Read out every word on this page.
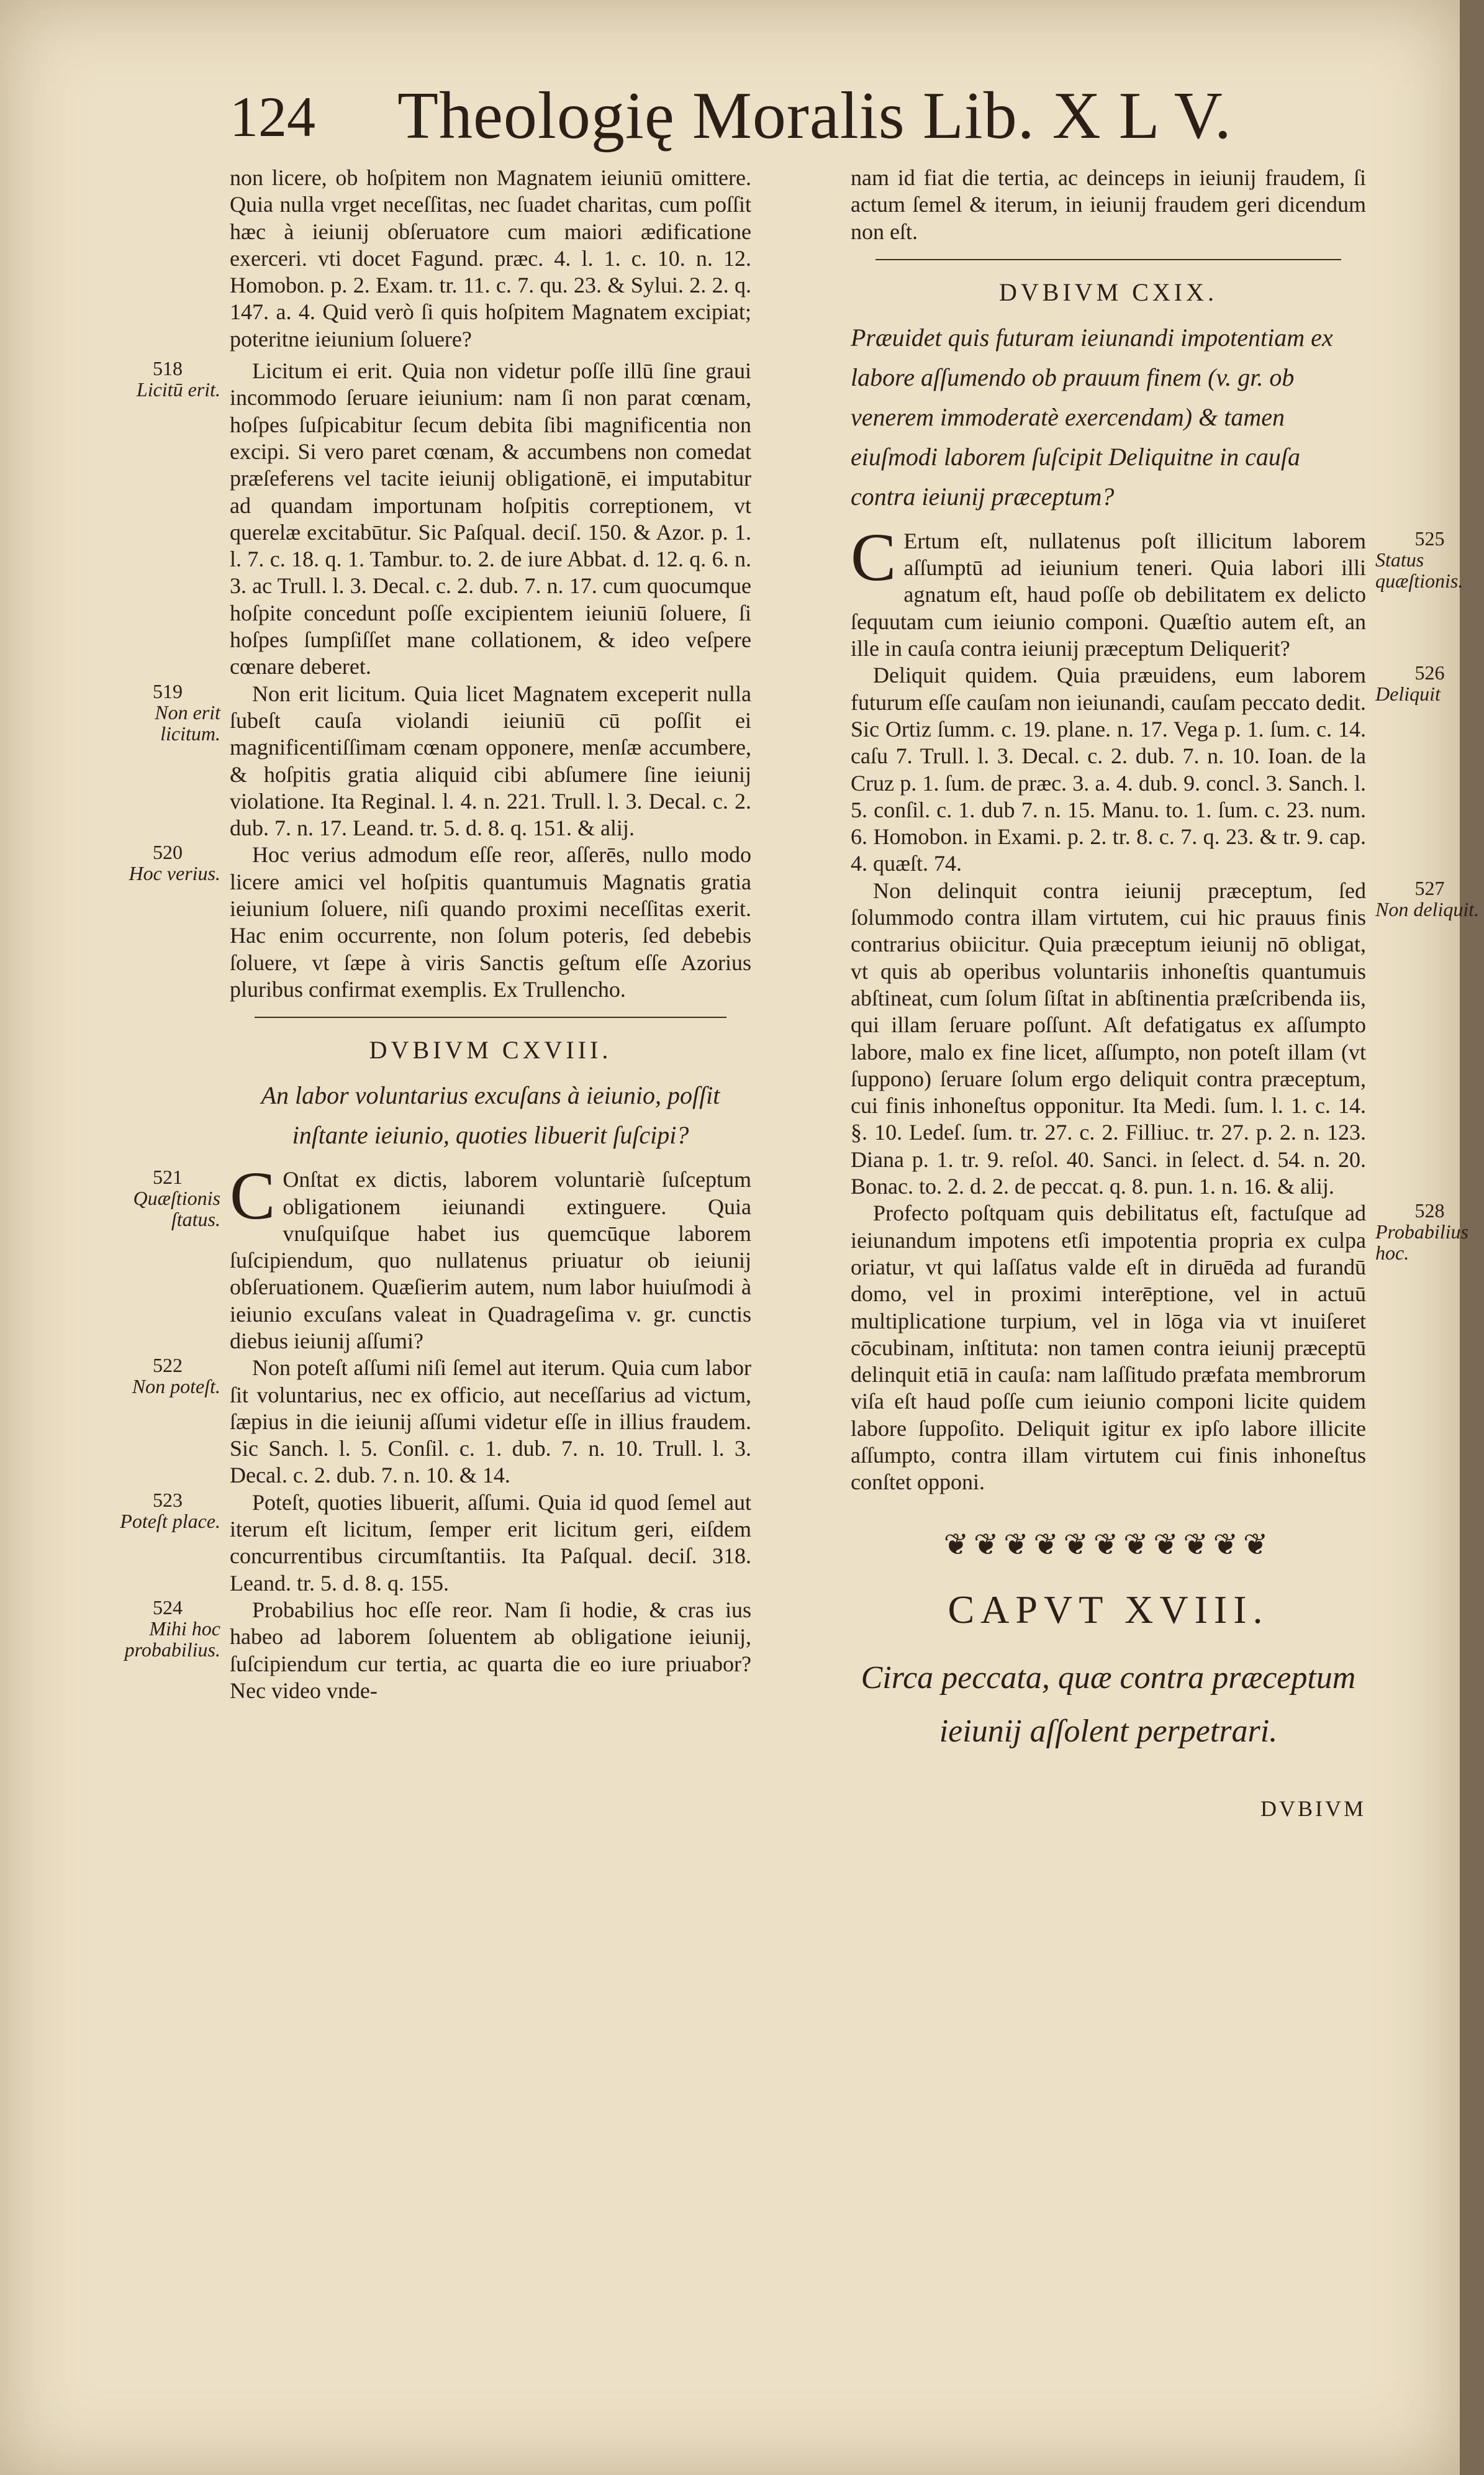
124 Theologię Moralis Lib. X L V.

non licere, ob hoſpitem non Magnatem ieiuniū omittere. Quia nulla vrget neceſſitas, nec ſuadet charitas, cum poſſit hæc à ieiunij obſeruatore cum maiori ædificatione exerceri. vti docet Fagund. præc. 4. l. 1. c. 10. n. 12. Homobon. p. 2. Exam. tr. 11. c. 7. qu. 23. & Sylui. 2. 2. q. 147. a. 4. Quid verò ſi quis hoſpitem Magnatem excipiat; poteritne ieiunium ſoluere?

518
Licitū erit.

Licitum ei erit. Quia non videtur poſſe illū ſine graui incommodo ſeruare ieiunium: nam ſi non parat cœnam, hoſpes ſuſpicabitur ſecum debita ſibi magnificentia non excipi. Si vero paret cœnam, & accumbens non comedat præſeferens vel tacite ieiunij obligationē, ei imputabitur ad quandam importunam hoſpitis correptionem, vt querelæ excitabūtur. Sic Paſqual. deciſ. 150. & Azor. p. 1. l. 7. c. 18. q. 1. Tambur. to. 2. de iure Abbat. d. 12. q. 6. n. 3. ac Trull. l. 3. Decal. c. 2. dub. 7. n. 17. cum quocumque hoſpite concedunt poſſe excipientem ieiuniū ſoluere, ſi hoſpes ſumpſiſſet mane collationem, & ideo veſpere cœnare deberet.

519
Non erit licitum.

Non erit licitum. Quia licet Magnatem exceperit nulla ſubeſt cauſa violandi ieiuniū cū poſſit ei magnificentiſſimam cœnam opponere, menſæ accumbere, & hoſpitis gratia aliquid cibi abſumere ſine ieiunij violatione. Ita Reginal. l. 4. n. 221. Trull. l. 3. Decal. c. 2. dub. 7. n. 17. Leand. tr. 5. d. 8. q. 151. & alij.

520
Hoc verius.

Hoc verius admodum eſſe reor, aſſerēs, nullo modo licere amici vel hoſpitis quantumuis Magnatis gratia ieiunium ſoluere, niſi quando proximi neceſſitas exerit. Hac enim occurrente, non ſolum poteris, ſed debebis ſoluere, vt ſæpe à viris Sanctis geſtum eſſe Azorius pluribus confirmat exemplis. Ex Trullencho.

DVBIVM CXVIII.
An labor voluntarius excuſans à ieiunio, poſſit inſtante ieiunio, quoties libuerit ſuſcipi?
521
Quæſtionis ſtatus. C Onſtat ex dictis, laborem voluntariè ſuſceptum obligationem ieiunandi extinguere. Quia vnuſquiſque habet ius quemcūque laborem ſuſcipiendum, quo nullatenus priuatur ob ieiunij obſeruationem. Quæſierim autem, num labor huiuſmodi à ieiunio excuſans valeat in Quadrageſima v. gr. cunctis diebus ieiunij aſſumi?

522
Non poteſt.

Non poteſt aſſumi niſi ſemel aut iterum. Quia cum labor ſit voluntarius, nec ex officio, aut neceſſarius ad victum, ſæpius in die ieiunij aſſumi videtur eſſe in illius fraudem. Sic Sanch. l. 5. Conſil. c. 1. dub. 7. n. 10. Trull. l. 3. Decal. c. 2. dub. 7. n. 10. & 14.

523
Poteſt place.

Poteſt, quoties libuerit, aſſumi. Quia id quod ſemel aut iterum eſt licitum, ſemper erit licitum geri, eiſdem concurrentibus circumſtantiis. Ita Paſqual. deciſ. 318. Leand. tr. 5. d. 8. q. 155.

524
Mihi hoc probabilius.

Probabilius hoc eſſe reor. Nam ſi hodie, & cras ius habeo ad laborem ſoluentem ab obligatione ieiunij, ſuſcipiendum cur tertia, ac quarta die eo iure priuabor? Nec video vnde-

nam id fiat die tertia, ac deinceps in ieiunij fraudem, ſi actum ſemel & iterum, in ieiunij fraudem geri dicendum non eſt.

DVBIVM CXIX.
Præuidet quis futuram ieiunandi impotentiam ex labore aſſumendo ob prauum finem (v. gr. ob venerem immoderatè exercendam) & tamen eiuſmodi laborem ſuſcipit Deliquitne in cauſa contra ieiunij præceptum?
525
Status quæſtionis.

C Ertum eſt, nullatenus poſt illicitum laborem aſſumptū ad ieiunium teneri. Quia labori illi agnatum eſt, haud poſſe ob debilitatem ex delicto ſequutam cum ieiunio componi. Quæſtio autem eſt, an ille in cauſa contra ieiunij præceptum Deliquerit?

526
Deliquit

Deliquit quidem. Quia præuidens, eum laborem futurum eſſe cauſam non ieiunandi, cauſam peccato dedit. Sic Ortiz ſumm. c. 19. plane. n. 17. Vega p. 1. ſum. c. 14. caſu 7. Trull. l. 3. Decal. c. 2. dub. 7. n. 10. Ioan. de la Cruz p. 1. ſum. de præc. 3. a. 4. dub. 9. concl. 3. Sanch. l. 5. conſil. c. 1. dub 7. n. 15. Manu. to. 1. ſum. c. 23. num. 6. Homobon. in Exami. p. 2. tr. 8. c. 7. q. 23. & tr. 9. cap. 4. quæſt. 74.

527
Non deliquit.

Non delinquit contra ieiunij præceptum, ſed ſolummodo contra illam virtutem, cui hic prauus finis contrarius obiicitur. Quia præceptum ieiunij nō obligat, vt quis ab operibus voluntariis inhoneſtis quantumuis abſtineat, cum ſolum ſiſtat in abſtinentia præſcribenda iis, qui illam ſeruare poſſunt. Aſt defatigatus ex aſſumpto labore, malo ex fine licet, aſſumpto, non poteſt illam (vt ſuppono) ſeruare ſolum ergo deliquit contra præceptum, cui finis inhoneſtus opponitur. Ita Medi. ſum. l. 1. c. 14. §. 10. Ledeſ. ſum. tr. 27. c. 2. Filliuc. tr. 27. p. 2. n. 123. Diana p. 1. tr. 9. reſol. 40. Sanci. in ſelect. d. 54. n. 20. Bonac. to. 2. d. 2. de peccat. q. 8. pun. 1. n. 16. & alij.

528
Probabilius hoc.

Profecto poſtquam quis debilitatus eſt, factuſque ad ieiunandum impotens etſi impotentia propria ex culpa oriatur, vt qui laſſatus valde eſt in diruēda ad furandū domo, vel in proximi interēptione, vel in actuū multiplicatione turpium, vel in lōga via vt inuiſeret cōcubinam, inſtituta: non tamen contra ieiunij præceptū delinquit etiā in cauſa: nam laſſitudo præfata membrorum viſa eſt haud poſſe cum ieiunio componi licite quidem labore ſuppoſito. Deliquit igitur ex ipſo labore illicite aſſumpto, contra illam virtutem cui finis inhoneſtus conſtet opponi.

❦❦❦❦❦❦❦❦❦❦❦
CAPVT XVIII.
Circa peccata, quæ contra præceptum ieiunij aſſolent perpetrari.
DVBIVM
